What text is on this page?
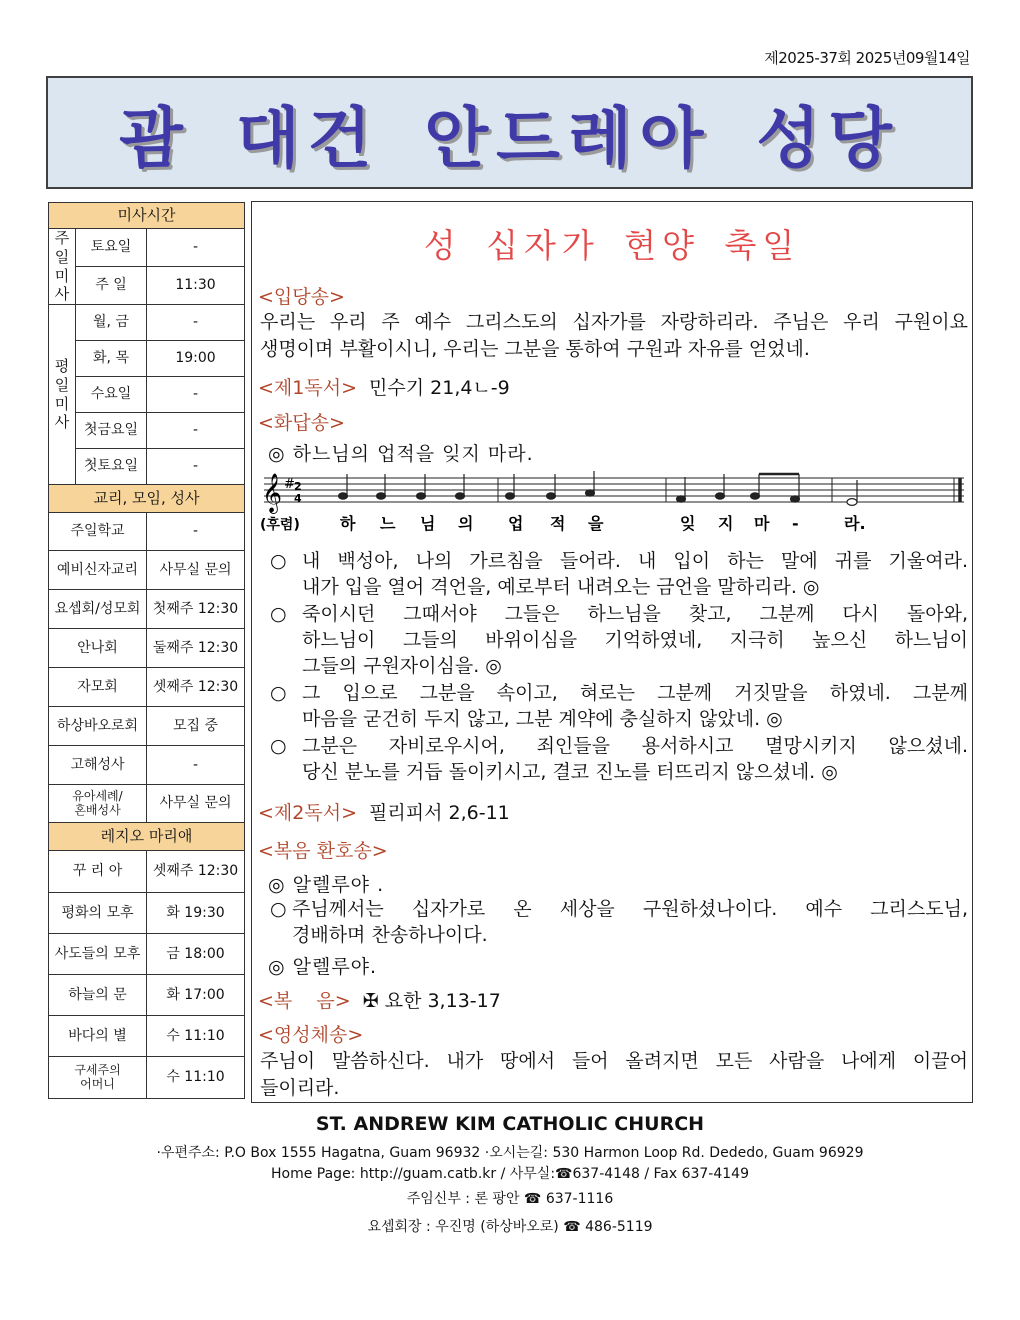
제2025-37회 2025년09월14일
괌 대건 안드레아 성당
미사시간		
주
일
미
사	토요일	-
	주 일	11:30
평
일
미
사	월, 금	-
	화, 목	19:00
	수요일	-
	첫금요일	-
	첫토요일	-
교리, 모임, 성사		
주일학교		-
예비신자교리		사무실 문의
요셉회/성모회		첫째주 12:30
안나회		둘째주 12:30
자모회		셋째주 12:30
하상바오로회		모집 중
고해성사		-
유아세례/
혼배성사		사무실 문의
레지오 마리애		
꾸 리 아		셋째주 12:30
평화의 모후		화 19:30
사도들의 모후		금 18:00
하늘의 문		화 17:00
바다의 별		수 11:10
구세주의
어머니		수 11:10
성 십자가 현양 축일
<입당송>
우리는 우리 주 예수 그리스도의 십자가를 자랑하리라. 주님은 우리 구원이요
생명이며 부활이시니, 우리는 그분을 통하여 구원과 자유를 얻었네.
<제1독서> 민수기 21,4ㄴ-9
<화답송>
◎ 하느님의 업적을 잊지 마라.
𝄞 # 2
4
(후렴)	하 느 님 의 업 적 을	잊 지 마 -	라.
○ 내 백성아, 나의 가르침을 들어라. 내 입이 하는 말에 귀를 기울여라.
내가 입을 열어 격언을, 예로부터 내려오는 금언을 말하리라. ◎
○ 죽이시던 그때서야 그들은 하느님을 찾고, 그분께 다시 돌아와,
하느님이 그들의 바위이심을 기억하였네, 지극히 높으신 하느님이
그들의 구원자이심을. ◎
○ 그 입으로 그분을 속이고, 혀로는 그분께 거짓말을 하였네. 그분께
마음을 굳건히 두지 않고, 그분 계약에 충실하지 않았네. ◎
○ 그분은 자비로우시어, 죄인들을 용서하시고 멸망시키지 않으셨네.
당신 분노를 거듭 돌이키시고, 결코 진노를 터뜨리지 않으셨네. ◎
<제2독서> 필리피서 2,6-11
<복음 환호송>
◎ 알렐루야 .
○ 주님께서는 십자가로 온 세상을 구원하셨나이다. 예수 그리스도님,
경배하며 찬송하나이다.
◎ 알렐루야.
<복    음> ✠ 요한 3,13-17
<영성체송>
주님이 말씀하신다. 내가 땅에서 들어 올려지면 모든 사람을 나에게 이끌어
들이리라.
ST. ANDREW KIM CATHOLIC CHURCH
·우편주소: P.O Box 1555 Hagatna, Guam 96932 ·오시는길: 530 Harmon Loop Rd. Dededo, Guam 96929
Home Page: http://guam.catb.kr / 사무실:☎637-4148 / Fax 637-4149
주임신부 : 론 팡안 ☎ 637-1116
요셉회장 : 우진명 (하상바오로) ☎ 486-5119
